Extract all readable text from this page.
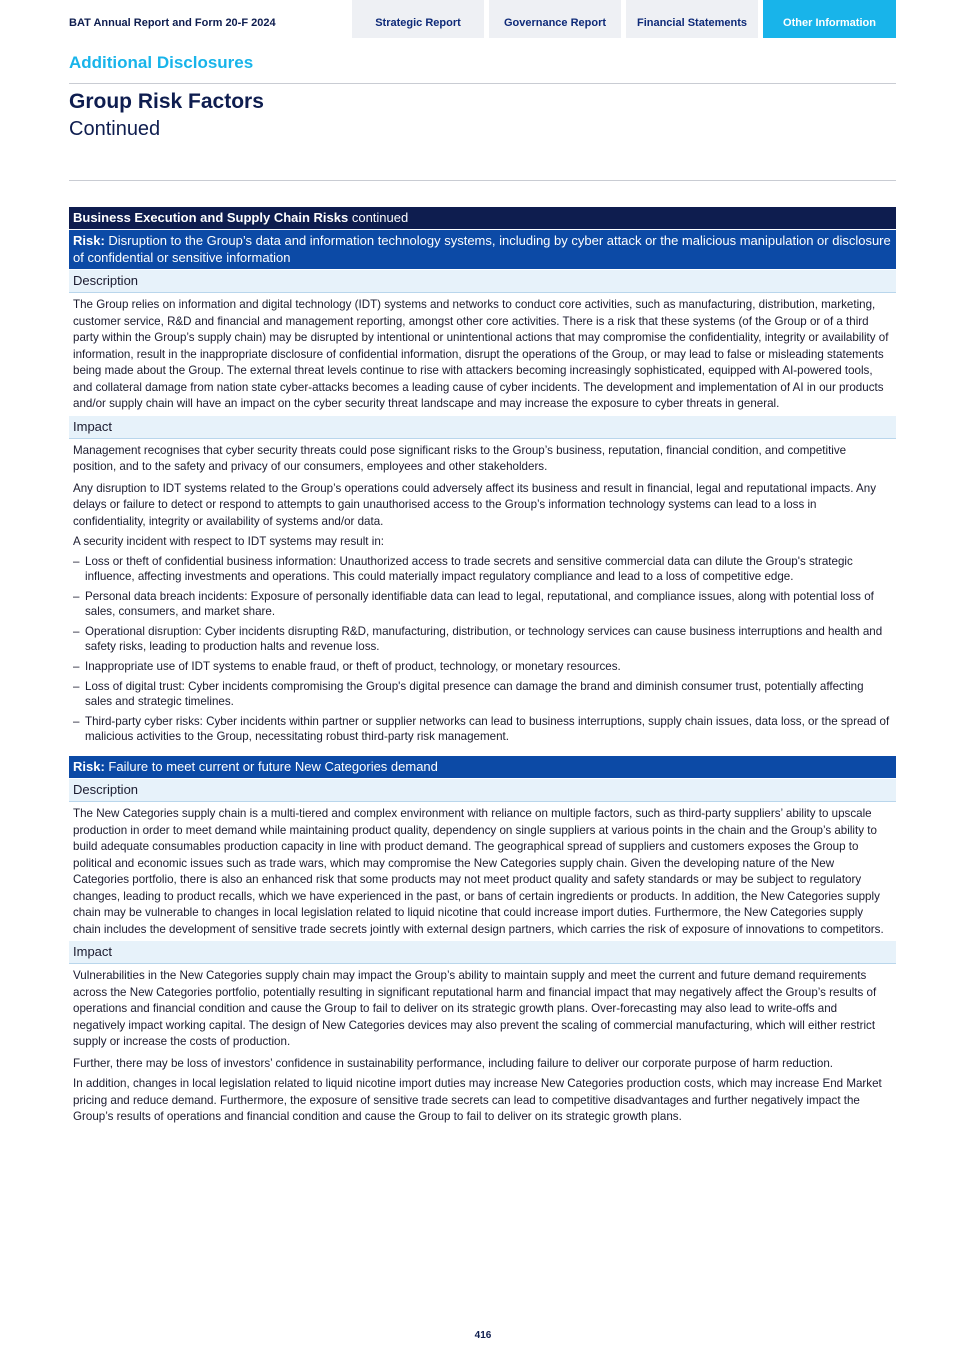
BAT Annual Report and Form 20-F 2024	Strategic Report	Governance Report	Financial Statements	Other Information
Additional Disclosures
Group Risk Factors
Continued
Business Execution and Supply Chain Risks continued
Risk: Disruption to the Group’s data and information technology systems, including by cyber attack or the malicious manipulation or disclosure of confidential or sensitive information
Description
The Group relies on information and digital technology (IDT) systems and networks to conduct core activities, such as manufacturing, distribution, marketing, customer service, R&D and financial and management reporting, amongst other core activities. There is a risk that these systems (of the Group or of a third party within the Group’s supply chain) may be disrupted by intentional or unintentional actions that may compromise the confidentiality, integrity or availability of information, result in the inappropriate disclosure of confidential information, disrupt the operations of the Group, or may lead to false or misleading statements being made about the Group. The external threat levels continue to rise with attackers becoming increasingly sophisticated, equipped with AI-powered tools, and collateral damage from nation state cyber-attacks becomes a leading cause of cyber incidents. The development and implementation of AI in our products and/or supply chain will have an impact on the cyber security threat landscape and may increase the exposure to cyber threats in general.
Impact
Management recognises that cyber security threats could pose significant risks to the Group’s business, reputation, financial condition, and competitive position, and to the safety and privacy of our consumers, employees and other stakeholders.
Any disruption to IDT systems related to the Group’s operations could adversely affect its business and result in financial, legal and reputational impacts. Any delays or failure to detect or respond to attempts to gain unauthorised access to the Group’s information technology systems can lead to a loss in confidentiality, integrity or availability of systems and/or data.
A security incident with respect to IDT systems may result in:
– Loss or theft of confidential business information: Unauthorized access to trade secrets and sensitive commercial data can dilute the Group's strategic influence, affecting investments and operations. This could materially impact regulatory compliance and lead to a loss of competitive edge.
– Personal data breach incidents: Exposure of personally identifiable data can lead to legal, reputational, and compliance issues, along with potential loss of sales, consumers, and market share.
– Operational disruption: Cyber incidents disrupting R&D, manufacturing, distribution, or technology services can cause business interruptions and health and safety risks, leading to production halts and revenue loss.
– Inappropriate use of IDT systems to enable fraud, or theft of product, technology, or monetary resources.
– Loss of digital trust: Cyber incidents compromising the Group's digital presence can damage the brand and diminish consumer trust, potentially affecting sales and strategic timelines.
– Third-party cyber risks: Cyber incidents within partner or supplier networks can lead to business interruptions, supply chain issues, data loss, or the spread of malicious activities to the Group, necessitating robust third-party risk management.
Risk: Failure to meet current or future New Categories demand
Description
The New Categories supply chain is a multi-tiered and complex environment with reliance on multiple factors, such as third-party suppliers’ ability to upscale production in order to meet demand while maintaining product quality, dependency on single suppliers at various points in the chain and the Group’s ability to build adequate consumables production capacity in line with product demand. The geographical spread of suppliers and customers exposes the Group to political and economic issues such as trade wars, which may compromise the New Categories supply chain. Given the developing nature of the New Categories portfolio, there is also an enhanced risk that some products may not meet product quality and safety standards or may be subject to regulatory changes, leading to product recalls, which we have experienced in the past, or bans of certain ingredients or products. In addition, the New Categories supply chain may be vulnerable to changes in local legislation related to liquid nicotine that could increase import duties. Furthermore, the New Categories supply chain includes the development of sensitive trade secrets jointly with external design partners, which carries the risk of exposure of innovations to competitors.
Impact
Vulnerabilities in the New Categories supply chain may impact the Group’s ability to maintain supply and meet the current and future demand requirements across the New Categories portfolio, potentially resulting in significant reputational harm and financial impact that may negatively affect the Group’s results of operations and financial condition and cause the Group to fail to deliver on its strategic growth plans. Over-forecasting may also lead to write-offs and negatively impact working capital. The design of New Categories devices may also prevent the scaling of commercial manufacturing, which will either restrict supply or increase the costs of production.
Further, there may be loss of investors’ confidence in sustainability performance, including failure to deliver our corporate purpose of harm reduction.
In addition, changes in local legislation related to liquid nicotine import duties may increase New Categories production costs, which may increase End Market pricing and reduce demand. Furthermore, the exposure of sensitive trade secrets can lead to competitive disadvantages and further negatively impact the Group’s results of operations and financial condition and cause the Group to fail to deliver on its strategic growth plans.
416
